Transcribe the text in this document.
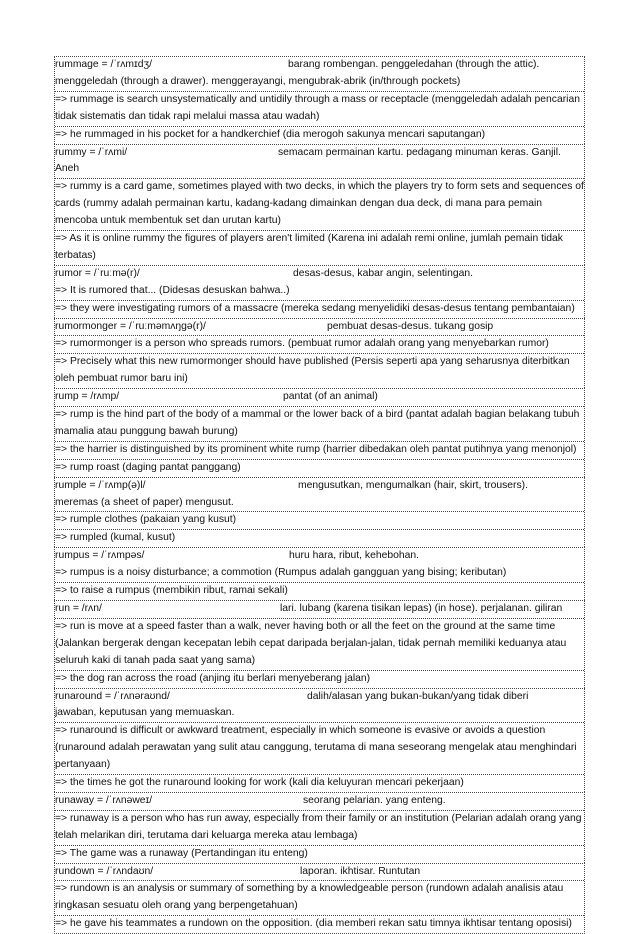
rummage = /ˈrʌmɪdʒ/	barang rombengan. penggeledahan (through the attic).
menggeledah (through a drawer). menggerayangi, mengubrak-abrik (in/through pockets)
=> rummage is search unsystematically and untidily through a mass or receptacle (menggeledah adalah pencarian tidak sistematis dan tidak rapi melalui massa atau wadah)
=> he rummaged in his pocket for a handkerchief (dia merogoh sakunya mencari saputangan)
rummy = /ˈrʌmi/	semacam permainan kartu. pedagang minuman keras. Ganjil.
Aneh
=> rummy is a card game, sometimes played with two decks, in which the players try to form sets and sequences of cards (rummy adalah permainan kartu, kadang-kadang dimainkan dengan dua deck, di mana para pemain mencoba untuk membentuk set dan urutan kartu)
=> As it is online rummy the figures of players aren't limited (Karena ini adalah remi online, jumlah pemain tidak terbatas)
rumor = /ˈruːmə(r)/	desas-desus, kabar angin, selentingan.
=> It is rumored that... (Didesas desuskan bahwa..)
=> they were investigating rumors of a massacre (mereka sedang menyelidiki desas-desus tentang pembantaian)
rumormonger = /ˈruːməmʌŋɡə(r)/	pembuat desas-desus. tukang gosip
=> rumormonger is a person who spreads rumors. (pembuat rumor adalah orang yang menyebarkan rumor)
=> Precisely what this new rumormonger should have published (Persis seperti apa yang seharusnya diterbitkan oleh pembuat rumor baru ini)
rump = /rʌmp/	pantat (of an animal)
=> rump is the hind part of the body of a mammal or the lower back of a bird (pantat adalah bagian belakang tubuh mamalia atau punggung bawah burung)
=> the harrier is distinguished by its prominent white rump (harrier dibedakan oleh pantat putihnya yang menonjol)
=> rump roast (daging pantat panggang)
rumple = /ˈrʌmp(ə)l/	mengusutkan, mengumalkan (hair, skirt, trousers).
meremas (a sheet of paper) mengusut.
=> rumple clothes (pakaian yang kusut)
=> rumpled (kumal, kusut)
rumpus = /ˈrʌmpəs/	huru hara, ribut, kehebohan.
=> rumpus is a noisy disturbance; a commotion (Rumpus adalah gangguan yang bising; keributan)
=> to raise a rumpus (membikin ribut, ramai sekali)
run = /rʌn/	lari. lubang (karena tisikan lepas) (in hose). perjalanan. giliran
=> run is move at a speed faster than a walk, never having both or all the feet on the ground at the same time (Jalankan bergerak dengan kecepatan lebih cepat daripada berjalan-jalan, tidak pernah memiliki keduanya atau seluruh kaki di tanah pada saat yang sama)
=> the dog ran across the road (anjing itu berlari menyeberang jalan)
runaround = /ˈrʌnəraʊnd/	dalih/alasan yang bukan-bukan/yang tidak diberi
jawaban, keputusan yang memuaskan.
=> runaround is difficult or awkward treatment, especially in which someone is evasive or avoids a question (runaround adalah perawatan yang sulit atau canggung, terutama di mana seseorang mengelak atau menghindari pertanyaan)
=> the times he got the runaround looking for work (kali dia keluyuran mencari pekerjaan)
runaway = /ˈrʌnəweɪ/	seorang pelarian. yang enteng.
=> runaway is a person who has run away, especially from their family or an institution (Pelarian adalah orang yang telah melarikan diri, terutama dari keluarga mereka atau lembaga)
=> The game was a runaway (Pertandingan itu enteng)
rundown = /ˈrʌndaʊn/	laporan. ikhtisar. Runtutan
=> rundown is an analysis or summary of something by a knowledgeable person (rundown adalah analisis atau ringkasan sesuatu oleh orang yang berpengetahuan)
=> he gave his teammates a rundown on the opposition. (dia memberi rekan satu timnya ikhtisar tentang oposisi)
